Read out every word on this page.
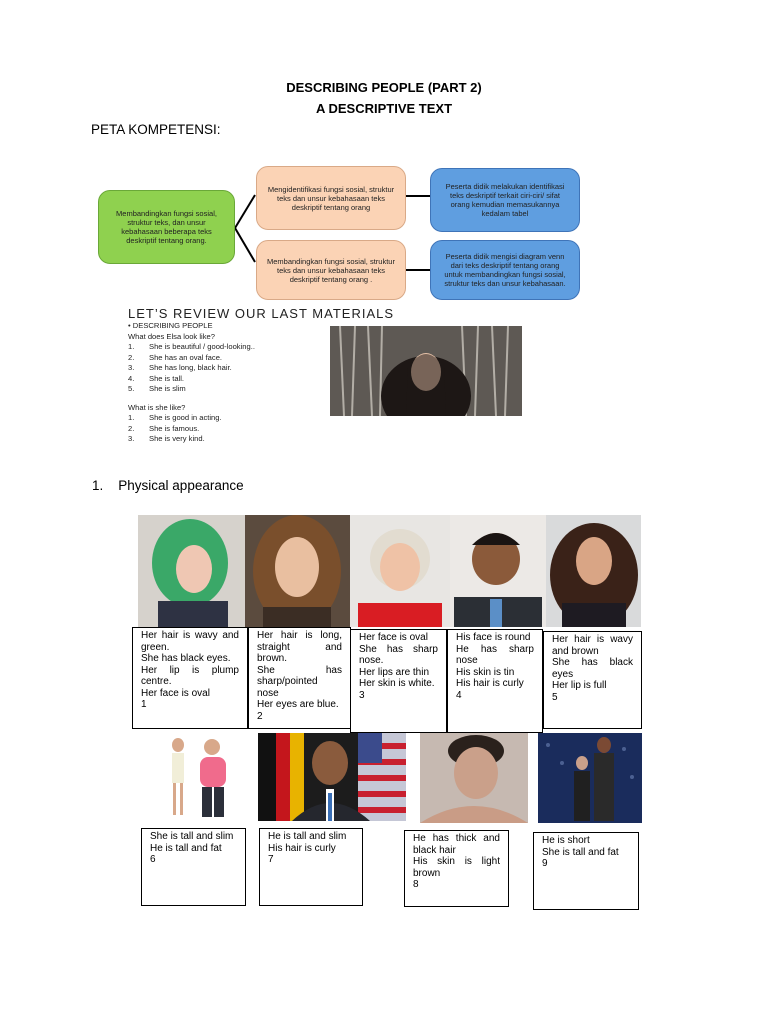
DESCRIBING PEOPLE (PART 2)
A DESCRIPTIVE TEXT
PETA KOMPETENSI:
Membandingkan fungsi sosial, struktur teks, dan unsur kebahasaan beberapa teks deskriptif tentang orang.
Mengidentifikasi fungsi sosial, struktur teks dan unsur kebahasaan teks deskriptif tentang orang
Membandingkan fungsi sosial, struktur teks dan unsur kebahasaan teks deskriptif tentang orang .
Peserta didik melakukan identifikasi teks deskriptif terkait ciri-ciri/ sifat orang kemudian memasukannya kedalam tabel
Peserta didik mengisi diagram venn dari teks deskriptif tentang orang untuk membandingkan fungsi sosial, struktur teks dan unsur kebahasaan.
LET’S REVIEW OUR LAST MATERIALS
• DESCRIBING PEOPLE
What does Elsa look like?
1. She is beautiful / good-looking..
2. She has an oval face.
3. She has long, black hair.
4. She is tall.
5. She is slim
What is she like?
1. She is good in acting.
2. She is famous.
3. She is very kind.
1. Physical appearance
Her hair is wavy and green.
She has black eyes.
Her lip is plump centre.
Her face is oval
1
Her hair is long, straight and brown.
She has sharp/pointed nose
Her eyes are blue.
2
Her face is oval
She has sharp nose.
Her lips are thin
Her skin is white.
3
His face is round
He has sharp nose
His skin is tin
His hair is curly
4
Her hair is wavy and brown
She has black eyes
Her lip is full
5
She is tall and slim
He is tall and fat
6
He is tall and slim
His hair is curly
7
He has thick and black hair
His skin is light brown
8
He is short
She is tall and fat
9
